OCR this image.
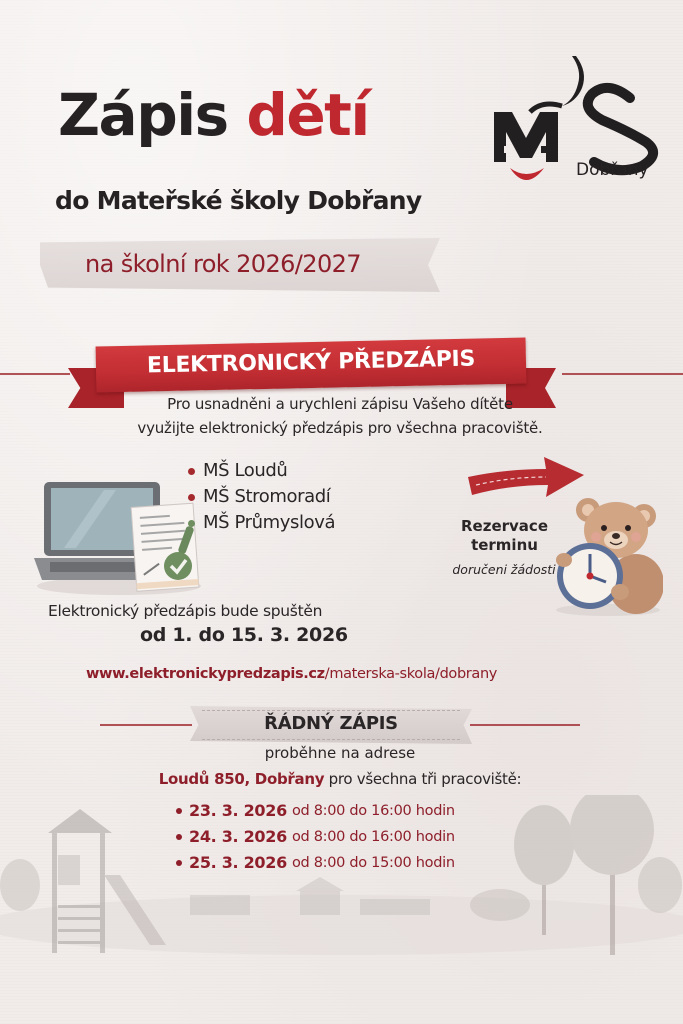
Zápis dětí
do Mateřské školy Dobřany
Dobřany
na školní rok 2026/2027
ELEKTRONICKÝ PŘEDZÁPIS
Pro usnadněni a urychleni zápisu Vašeho dítěte
využijte elektronický předzápis pro všechna pracoviště.
MŠ Loudů
MŠ Stromoradí
MŠ Průmyslová	Rezervace
terminu
doručeni žádosti
Elektronický předzápis bude spuštěn
od 1. do 15. 3. 2026
www.elektronickypredzapis.cz/materska-skola/dobrany
ŘÁDNÝ ZÁPIS
proběhne na adrese
Loudů 850, Dobřany pro všechna tři pracoviště:
23. 3. 2026 od 8:00 do 16:00 hodin
24. 3. 2026 od 8:00 do 16:00 hodin
25. 3. 2026 od 8:00 do 15:00 hodin
